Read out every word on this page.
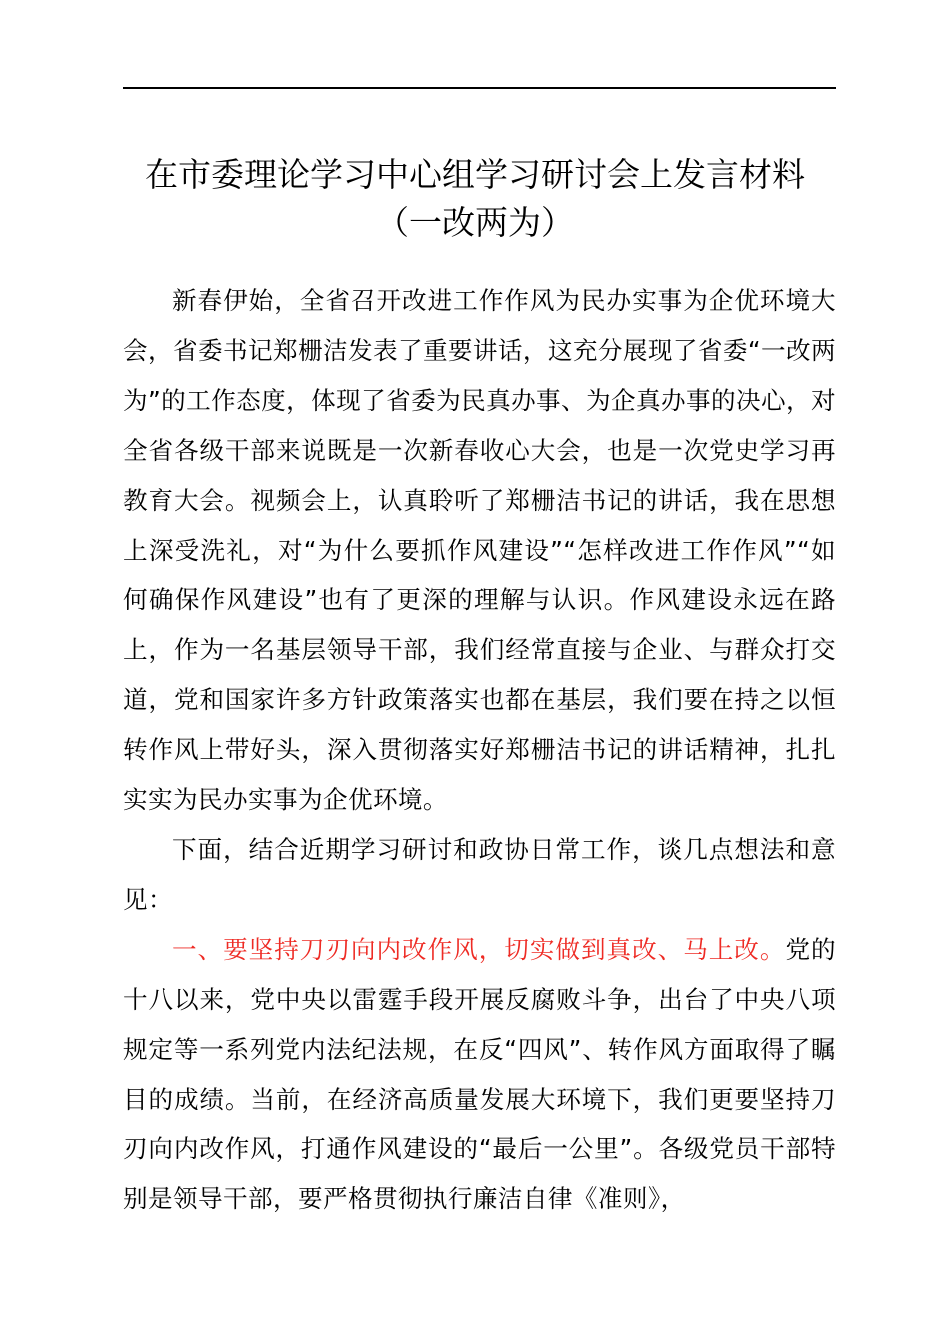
在市委理论学习中心组学习研讨会上发言材料
（一改两为）

新春伊始，全省召开改进工作作风为民办实事为企优环境大会，省委书记郑栅洁发表了重要讲话，这充分展现了省委“一改两为”的工作态度，体现了省委为民真办事、为企真办事的决心，对全省各级干部来说既是一次新春收心大会，也是一次党史学习再教育大会。视频会上，认真聆听了郑栅洁书记的讲话，我在思想上深受洗礼，对“为什么要抓作风建设”“怎样改进工作作风”“如何确保作风建设”也有了更深的理解与认识。作风建设永远在路上，作为一名基层领导干部，我们经常直接与企业、与群众打交道，党和国家许多方针政策落实也都在基层，我们要在持之以恒转作风上带好头，深入贯彻落实好郑栅洁书记的讲话精神，扎扎实实为民办实事为企优环境。

下面，结合近期学习研讨和政协日常工作，谈几点想法和意见：

一、要坚持刀刃向内改作风，切实做到真改、马上改。党的十八以来，党中央以雷霆手段开展反腐败斗争，出台了中央八项规定等一系列党内法纪法规，在反“四风”、转作风方面取得了瞩目的成绩。当前，在经济高质量发展大环境下，我们更要坚持刀刃向内改作风，打通作风建设的“最后一公里”。各级党员干部特别是领导干部，要严格贯彻执行廉洁自律《准则》，
